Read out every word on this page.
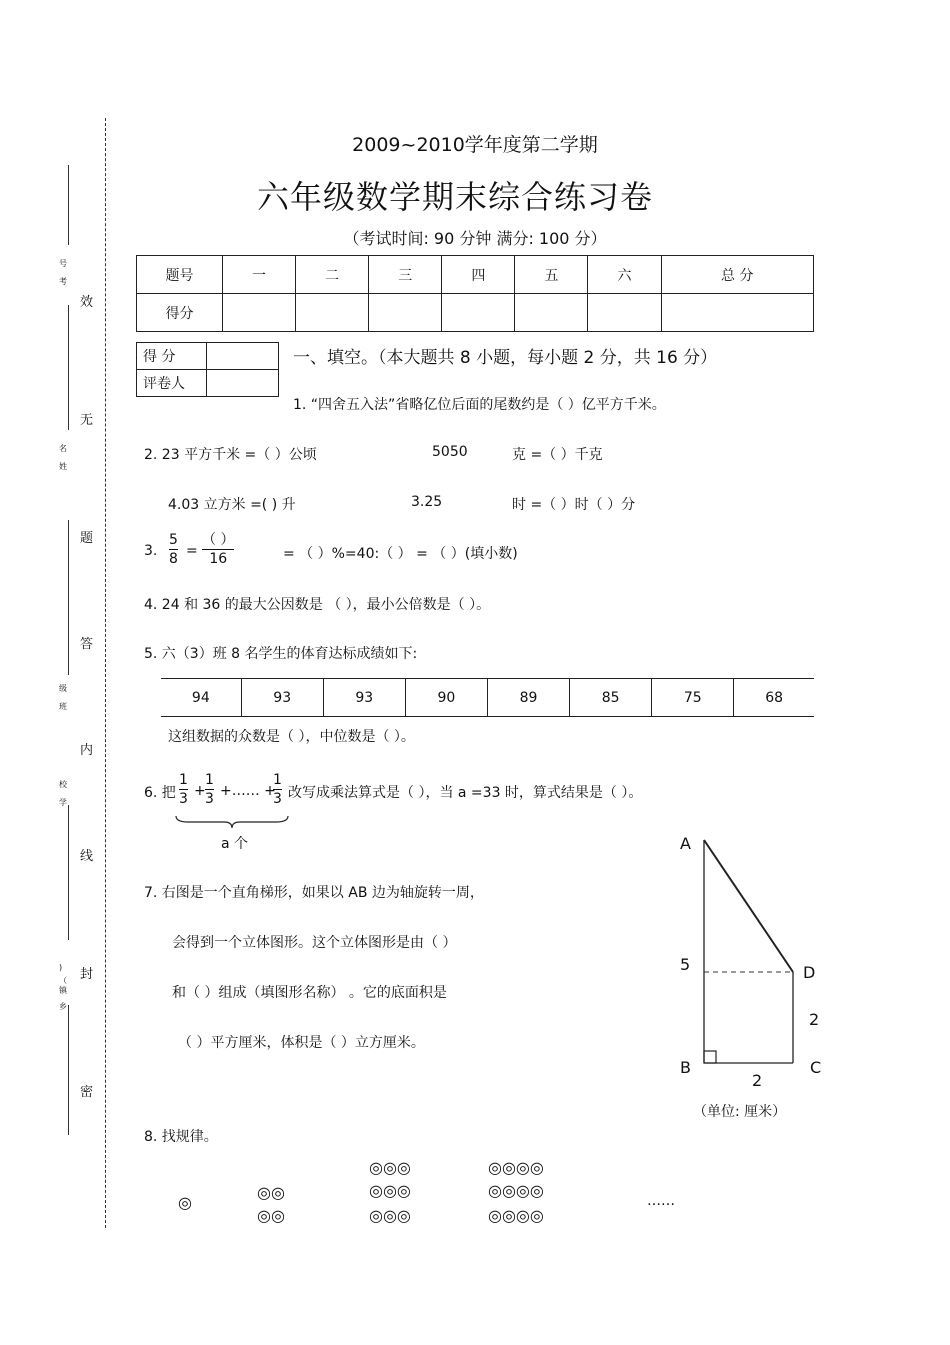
号
考
名
姓
级
班
校
学
)
镇
（
乡
效
无
题
答
内
线
封
密
2009~2010学年度第二学期
六年级数学期末综合练习卷
（考试时间: 90 分钟 满分: 100 分）
题号	一	二	三	四	五	六	总 分
得分							
得 分	
评卷人	
一、填空。（本大题共 8 小题，每小题 2 分，共 16 分）
1. “四舍五入法”省略亿位后面的尾数约是（ ）亿平方千米。
2. 23 平方千米 =（ ）公顷	5050	克 =（ ）千克
4.03 立方米 =( ) 升	3.25	时 =（ ）时（ ）分
3. $\frac{5}{8}$ =
（ ）
16	= （ ）%=40:（ ） = （ ）(填小数)
4. 24 和 36 的最大公因数是 （ ），最小公倍数是（ ）。
5. 六（3）班 8 名学生的体育达标成绩如下:
94	93	93	90	89	85	75	68
这组数据的众数是（ ），中位数是（ ）。
6. 把 $\frac{1}{3} + \frac{1}{3}$ +…… +
$\frac{1}{3}$ 改写成乘法算式是（ ），当 a =33 时，算式结果是（ ）。
a 个
7. 右图是一个直角梯形，如果以 AB 边为轴旋转一周，
会得到一个立体图形。这个立体图形是由（ ）
和（ ）组成（填图形名称） 。它的底面积是
（ ）平方厘米，体积是（ ）立方厘米。
A
B	C
D
5
2
2
（单位: 厘米）
8. 找规律。
◎
◎◎
◎◎
◎◎◎
◎◎◎
◎◎◎
◎◎◎◎
◎◎◎◎
◎◎◎◎
……
